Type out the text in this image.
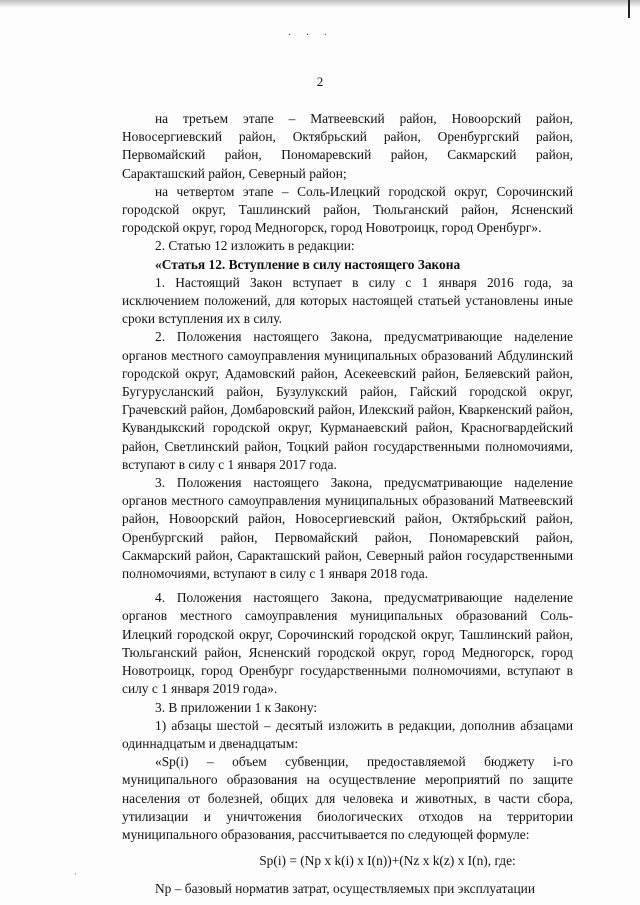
· · ·
2

на третьем этапе – Матвеевский район, Новоорский район, Новосергиевский район, Октябрьский район, Оренбургский район, Первомайский район, Пономаревский район, Сакмарский район, Саракташский район, Северный район;

на четвертом этапе – Соль-Илецкий городской округ, Сорочинский городской округ, Ташлинский район, Тюльганский район, Ясненский городской округ, город Медногорск, город Новотроицк, город Оренбург».

2. Статью 12 изложить в редакции:

«Статья 12. Вступление в силу настоящего Закона

1. Настоящий Закон вступает в силу с 1 января 2016 года, за исключением положений, для которых настоящей статьей установлены иные сроки вступления их в силу.

2. Положения настоящего Закона, предусматривающие наделение органов местного самоуправления муниципальных образований Абдулинский городской округ, Адамовский район, Асекеевский район, Беляевский район, Бугурусланский район, Бузулукский район, Гайский городской округ, Грачевский район, Домбаровский район, Илекский район, Кваркенский район, Кувандыкский городской округ, Курманаевский район, Красногвардейский район, Светлинский район, Тоцкий район государственными полномочиями, вступают в силу с 1 января 2017 года.

3. Положения настоящего Закона, предусматривающие наделение органов местного самоуправления муниципальных образований Матвеевский район, Новоорский район, Новосергиевский район, Октябрьский район, Оренбургский район, Первомайский район, Пономаревский район, Сакмарский район, Саракташский район, Северный район государственными полномочиями, вступают в силу с 1 января 2018 года.

4. Положения настоящего Закона, предусматривающие наделение органов местного самоуправления муниципальных образований Соль-Илецкий городской округ, Сорочинский городской округ, Ташлинский район, Тюльганский район, Ясненский городской округ, город Медногорск, город Новотроицк, город Оренбург государственными полномочиями, вступают в силу с 1 января 2019 года».

3. В приложении 1 к Закону:

1) абзацы шестой – десятый изложить в редакции, дополнив абзацами одиннадцатым и двенадцатым:

«Sp(i) – объем субвенции, предоставляемой бюджету i-го муниципального образования на осуществление мероприятий по защите населения от болезней, общих для человека и животных, в части сбора, утилизации и уничтожения биологических отходов на территории муниципального образования, рассчитывается по следующей формуле:

Sp(i) = (Np x k(i) x I(n))+(Nz x k(z) x I(n), где:

Np – базовый норматив затрат, осуществляемых при эксплуатации

·
